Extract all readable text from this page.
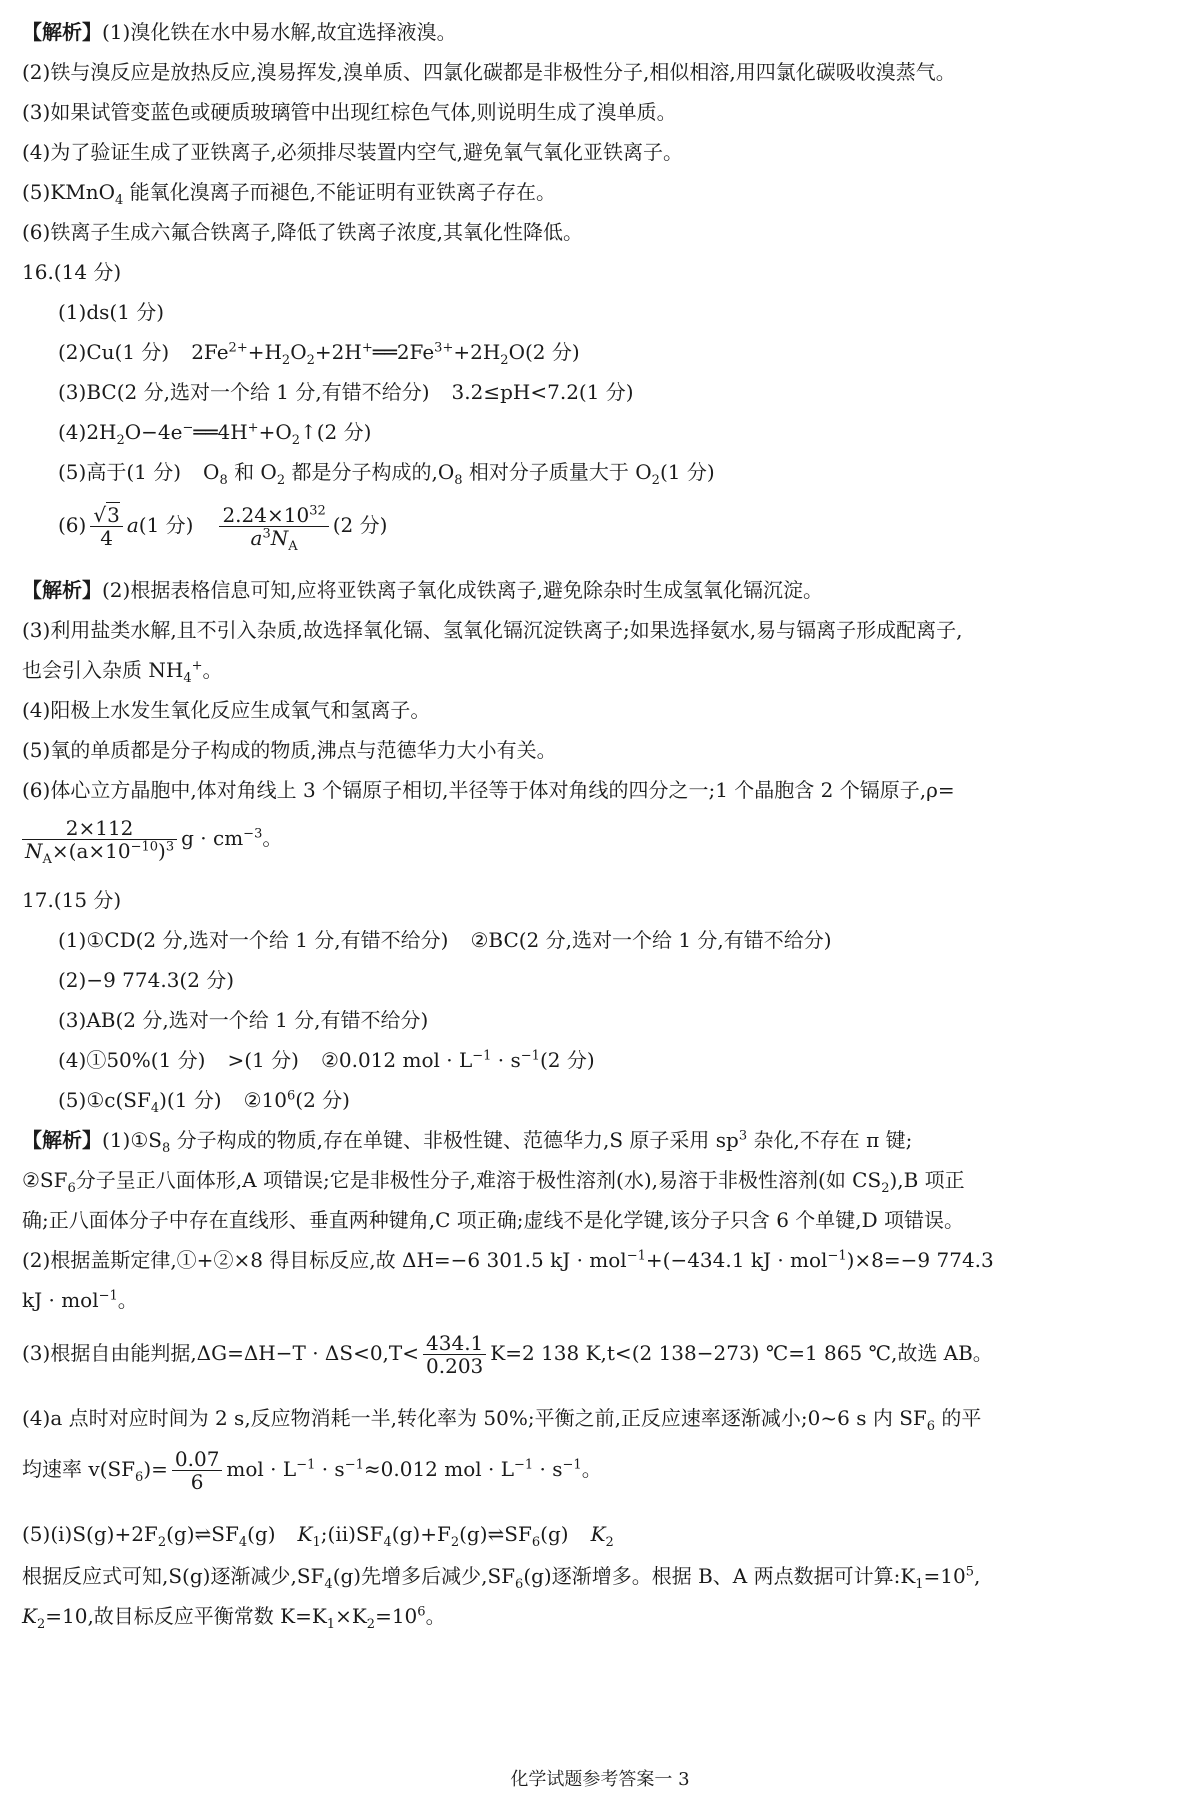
【解析】(1)溴化铁在水中易水解,故宜选择液溴。
(2)铁与溴反应是放热反应,溴易挥发,溴单质、四氯化碳都是非极性分子,相似相溶,用四氯化碳吸收溴蒸气。
(3)如果试管变蓝色或硬质玻璃管中出现红棕色气体,则说明生成了溴单质。
(4)为了验证生成了亚铁离子,必须排尽装置内空气,避免氧气氧化亚铁离子。
(5)KMnO$_4$ 能氧化溴离子而褪色,不能证明有亚铁离子存在。
(6)铁离子生成六氟合铁离子,降低了铁离子浓度,其氧化性降低。
16.(14 分)
(1)ds(1 分)
(2)Cu(1 分) $2Fe^{2+}+H_2O_2+2H^+══2Fe^{3+}+2H_2O(2$ 分)
(3)BC(2 分,选对一个给 1 分,有错不给分) 3.2≤pH<7.2(1 分)
$(4)2H_2O-4e^-══4H^++O_2↑(2$ 分)
(5)高于(1 分) $O_8$ 和 $O_2$ 都是分子构成的$,O_8$ 相对分子质量大于 $O_2(1$ 分)
$(6) \frac{√3}{4} a(1$ 分) $\frac{2.24\times 10^{32}}{a^3N_A} (2$ 分)
【解析】(2)根据表格信息可知,应将亚铁离子氧化成铁离子,避免除杂时生成氢氧化镉沉淀。
(3)利用盐类水解,且不引入杂质,故选择氧化镉、氢氧化镉沉淀铁离子;如果选择氨水,易与镉离子形成配离子,
也会引入杂质 $NH_4^+$。
(4)阳极上水发生氧化反应生成氧气和氢离子。
(5)氧的单质都是分子构成的物质,沸点与范德华力大小有关。
(6)体心立方晶胞中,体对角线上 3 个镉原子相切,半径等于体对角线的四分之一;1 个晶胞含 2 个镉原子,ρ=
$\frac{2\times 112}{N_A\times(a\times 10^{-10})^3}$ $g \cdot cm^{-3}$。
17.(15 分)
(1)①CD(2 分,选对一个给 1 分,有错不给分) ②BC(2 分,选对一个给 1 分,有错不给分)
(2)−9 774.3(2 分)
(3)AB(2 分,选对一个给 1 分,有错不给分)
(4)①50%(1 分) >(1 分) ②0.012 mol · $L^{-1} \cdot s^{-1}(2$ 分)
$(5)①c(SF_4)(1$ 分) $②10^6(2$ 分)
【解析】$(1)①S_8$ 分子构成的物质,存在单键、非极性键、范德华力,S 原子采用 $sp^3$ 杂化,不存在 π 键;
$②SF_6$分子呈正八面体形,A 项错误;它是非极性分子,难溶于极性溶剂(水),易溶于非极性溶剂(如 $CS_2),B$ 项正
确;正八面体分子中存在直线形、垂直两种键角,C 项正确;虚线不是化学键,该分子只含 6 个单键,D 项错误。
(2)根据盖斯定律,①+②×8 得目标反应,故 ΔH=−6 301.5 kJ · mol$^{-1}$+(−434.1 kJ · mol$^{-1}$)×8=−9 774.3
kJ · mol$^{-1}$。
(3)根据自由能判据$,\Delta G=\Delta H-T \cdot \Delta S<0,T< \frac{434.1}{0.203} K=2$ 138 K,t<(2 138−273) ℃=1 865 ℃,故选 AB。
(4)a 点时对应时间为 2 s,反应物消耗一半,转化率为 50%;平衡之前,正反应速率逐渐减小;0~6 s 内 $SF_6$ 的平
均速率 $v(SF_6)= \frac{0.07}{6}$ mol · $L^{-1} \cdot s^{-1}\approx 0.012$ mol · $L^{-1} \cdot s^{-1}$。
$(5)(ⅰ)S(g)+2F_2(g)\rightleftharpoons SF_4(g)$ $K_1;(ⅱ)SF_4(g)+F_2(g)\rightleftharpoons SF_6(g)$ $K_2$
根据反应式可知,S(g)逐渐减少$,SF_4(g)$先增多后减少$,SF_6(g)$逐渐增多。根据 B、A 两点数据可计算$:K_1=10^5$,
$K_2=10$,故目标反应平衡常数 $K=K_1\times K_2=10^6$。
化学试题参考答案一 3
